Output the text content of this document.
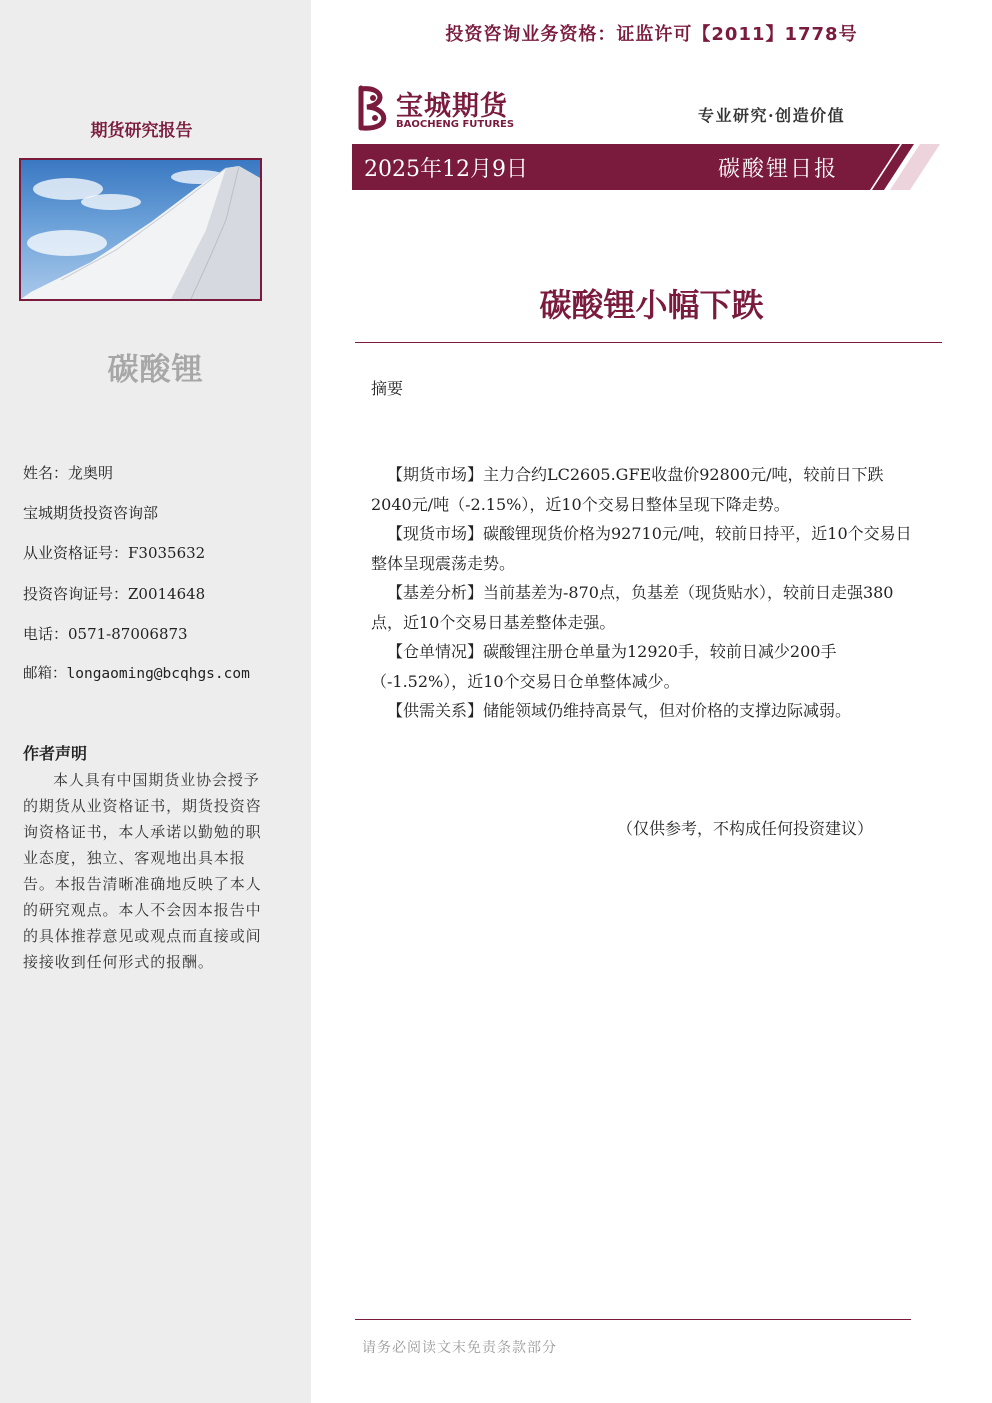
期货研究报告
碳酸锂
姓名：龙奥明
宝城期货投资咨询部
从业资格证号：F3035632
投资咨询证号：Z0014648
电话：0571-87006873
邮箱：longaoming@bcqhgs.com
作者声明
本人具有中国期货业协会授予的期货从业资格证书，期货投资咨询资格证书，本人承诺以勤勉的职业态度，独立、客观地出具本报告。本报告清晰准确地反映了本人的研究观点。本人不会因本报告中的具体推荐意见或观点而直接或间接接收到任何形式的报酬。
投资咨询业务资格：证监许可【2011】1778号
宝城期货
BAOCHENG FUTURES	专业研究·创造价值
2025年12月9日	碳酸锂日报
碳酸锂小幅下跌
摘要

【期货市场】主力合约LC2605.GFE收盘价92800元/吨，较前日下跌2040元/吨（-2.15%），近10个交易日整体呈现下降走势。

【现货市场】碳酸锂现货价格为92710元/吨，较前日持平，近10个交易日整体呈现震荡走势。

【基差分析】当前基差为-870点，负基差（现货贴水），较前日走强380点，近10个交易日基差整体走强。

【仓单情况】碳酸锂注册仓单量为12920手，较前日减少200手（-1.52%），近10个交易日仓单整体减少。

【供需关系】储能领域仍维持高景气，但对价格的支撑边际减弱。

（仅供参考，不构成任何投资建议）
请务必阅读文末免责条款部分
